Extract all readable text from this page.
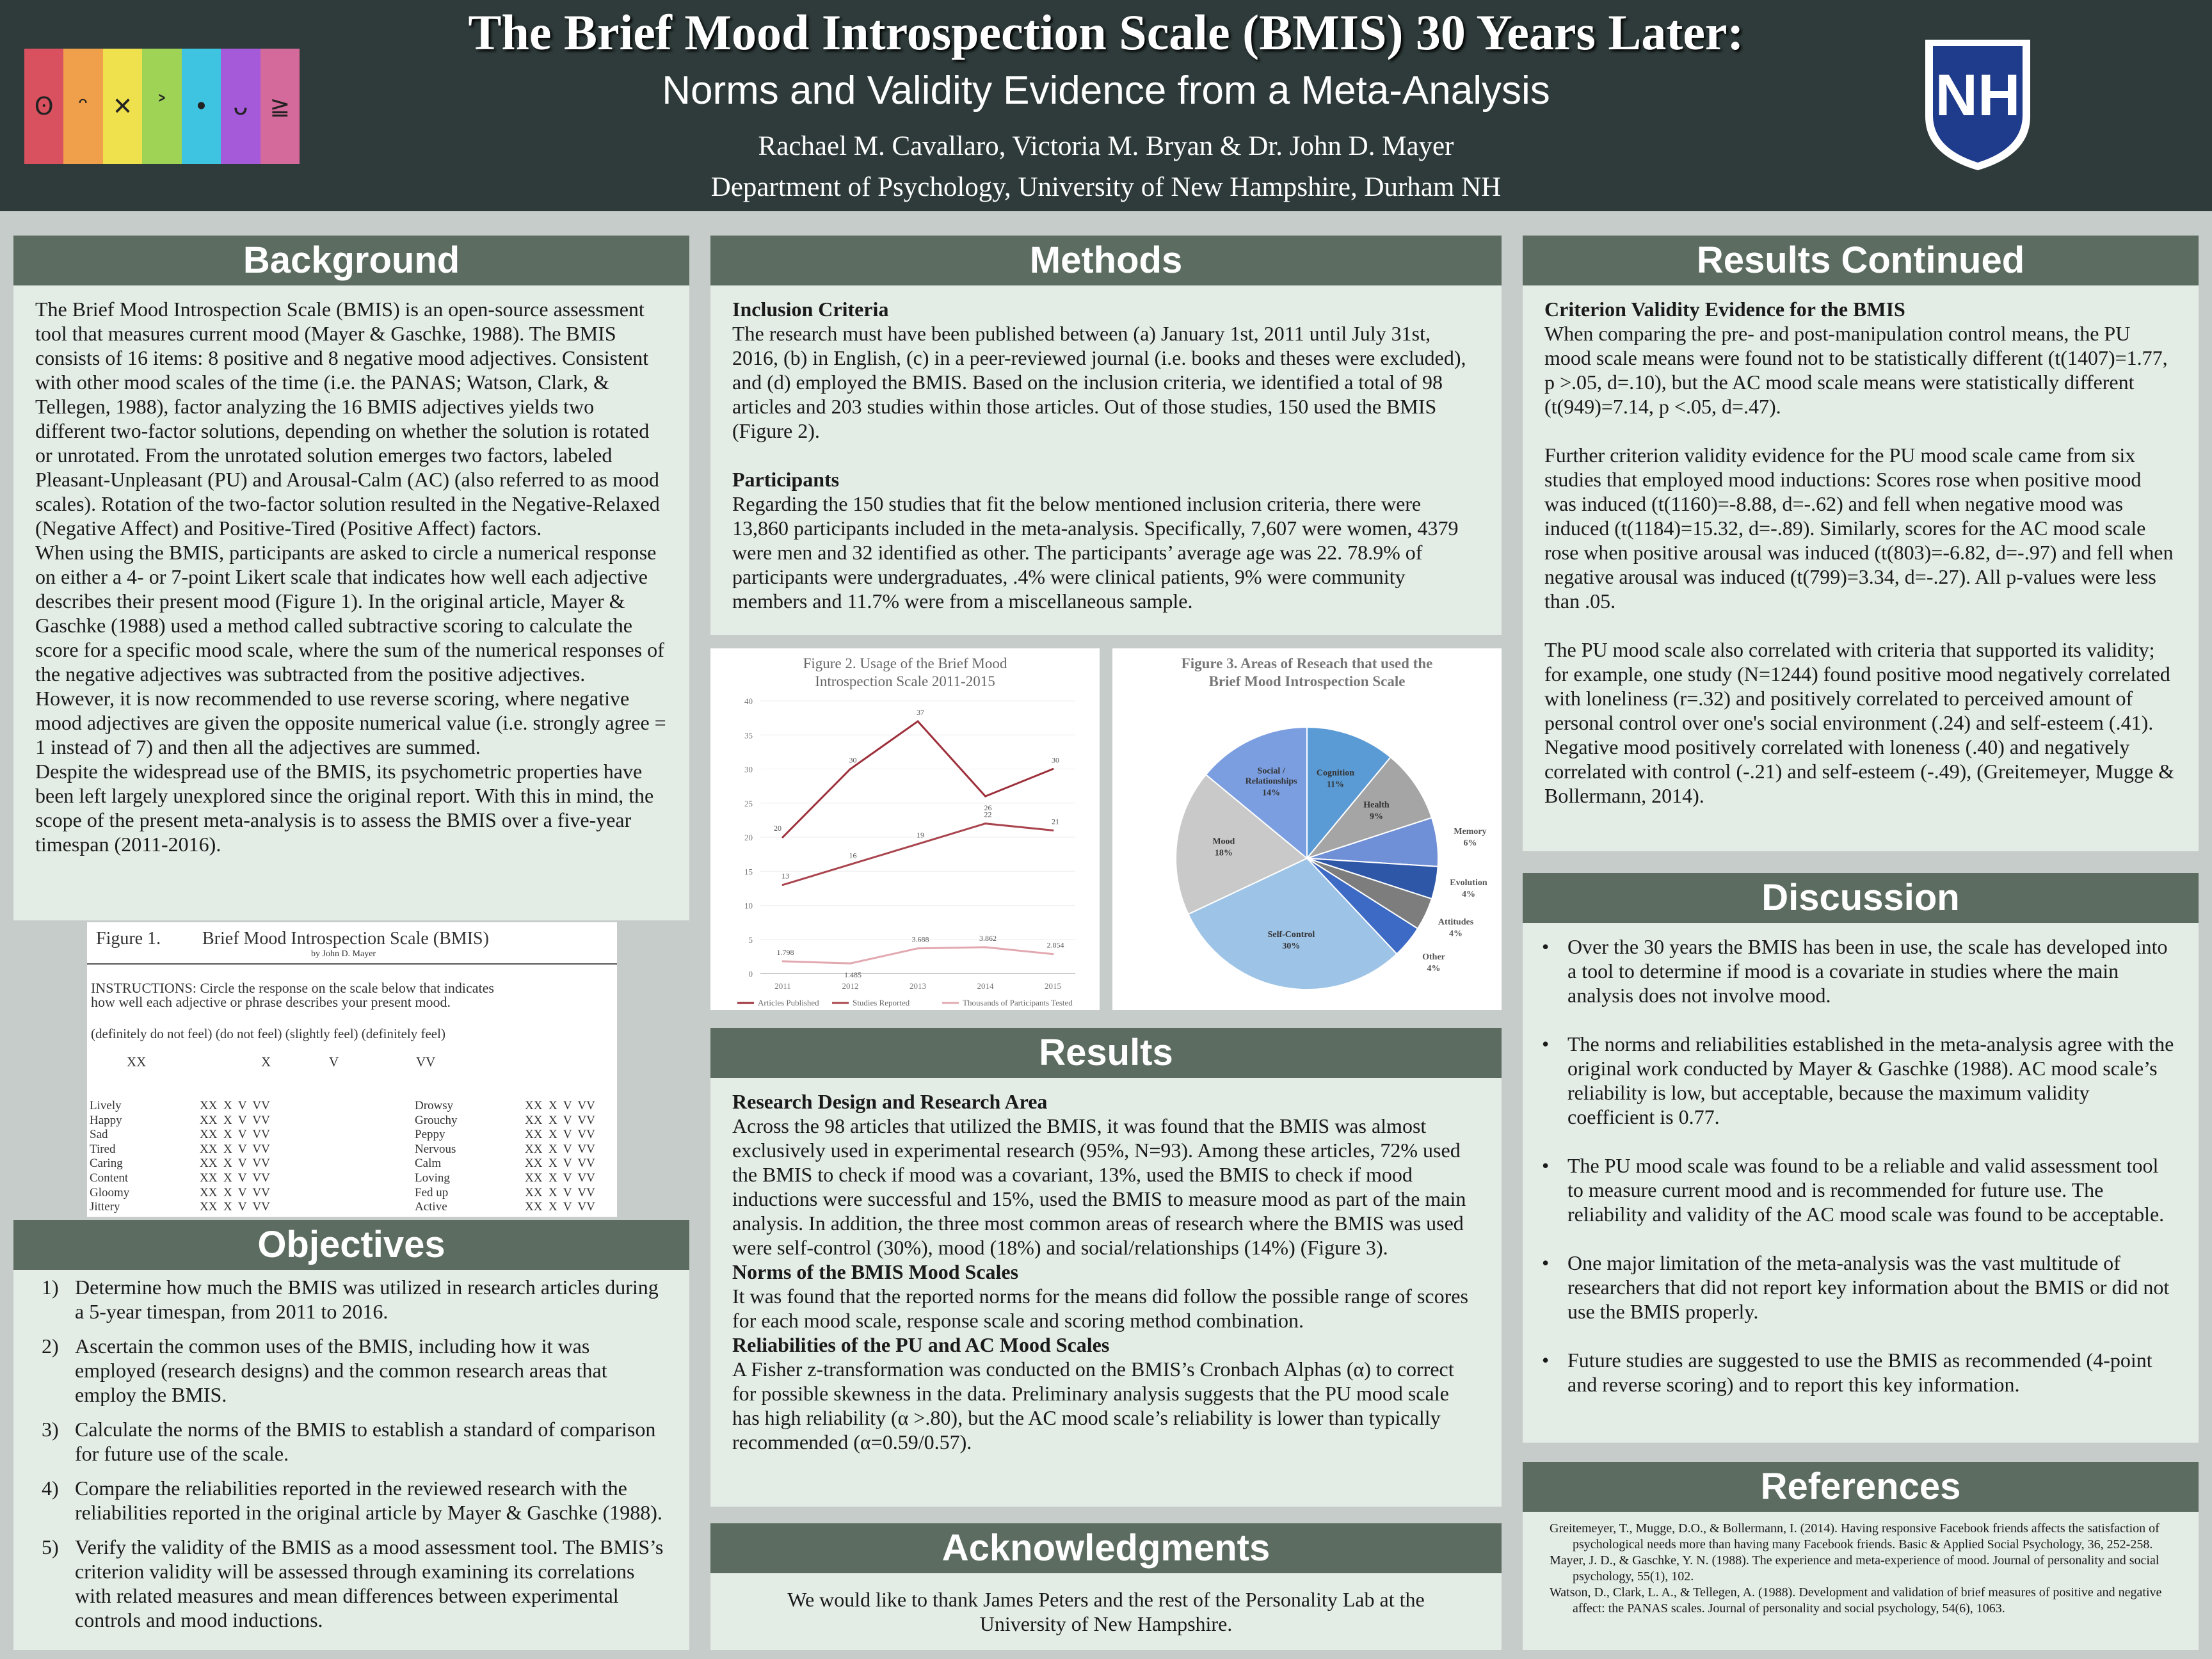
ʘ	ᵔ ✕ ˃	•	ᴗ ≧
The Brief Mood Introspection Scale (BMIS) 30 Years Later:
Norms and Validity Evidence from a Meta-Analysis
Rachael M. Cavallaro, Victoria M. Bryan & Dr. John D. Mayer
Department of Psychology, University of New Hampshire, Durham NH
NH
Background

The Brief Mood Introspection Scale (BMIS) is an open-source assessment tool that measures current mood (Mayer & Gaschke, 1988). The BMIS consists of 16 items: 8 positive and 8 negative mood adjectives. Consistent with other mood scales of the time (i.e. the PANAS; Watson, Clark, & Tellegen, 1988), factor analyzing the 16 BMIS adjectives yields two different two-factor solutions, depending on whether the solution is rotated or unrotated. From the unrotated solution emerges two factors, labeled Pleasant-Unpleasant (PU) and Arousal-Calm (AC) (also referred to as mood scales). Rotation of the two-factor solution resulted in the Negative-Relaxed (Negative Affect) and Positive-Tired (Positive Affect) factors.

When using the BMIS, participants are asked to circle a numerical response on either a 4- or 7-point Likert scale that indicates how well each adjective describes their present mood (Figure 1). In the original article, Mayer & Gaschke (1988) used a method called subtractive scoring to calculate the score for a specific mood scale, where the sum of the numerical responses of the negative adjectives was subtracted from the positive adjectives. However, it is now recommended to use reverse scoring, where negative mood adjectives are given the opposite numerical value (i.e. strongly agree = 1 instead of 7) and then all the adjectives are summed.

Despite the widespread use of the BMIS, its psychometric properties have been left largely unexplored since the original report. With this in mind, the scope of the present meta-analysis is to assess the BMIS over a five-year timespan (2011-2016).

Figure 1. Brief Mood Introspection Scale (BMIS)
by John D. Mayer
INSTRUCTIONS: Circle the response on the scale below that indicates how well each adjective or phrase describes your present mood.
(definitely do not feel) (do not feel) (slightly feel) (definitely feel)
XX	X	V	VV
Lively	XX  X  V  VV
Happy	XX  X  V  VV
Sad	XX  X  V  VV
Tired	XX  X  V  VV
Caring	XX  X  V  VV
Content	XX  X  V  VV
Gloomy	XX  X  V  VV
Jittery	XX  X  V  VV
Drowsy	XX  X  V  VV
Grouchy	XX  X  V  VV
Peppy	XX  X  V  VV
Nervous	XX  X  V  VV
Calm	XX  X  V  VV
Loving	XX  X  V  VV
Fed up	XX  X  V  VV
Active	XX  X  V  VV
Objectives
1) Determine how much the BMIS was utilized in research articles during a 5-year timespan, from 2011 to 2016.
2) Ascertain the common uses of the BMIS, including how it was employed (research designs) and the common research areas that employ the BMIS.
3) Calculate the norms of the BMIS to establish a standard of comparison for future use of the scale.
4) Compare the reliabilities reported in the reviewed research with the reliabilities reported in the original article by Mayer & Gaschke (1988).
5) Verify the validity of the BMIS as a mood assessment tool. The BMIS’s criterion validity will be assessed through examining its correlations with related measures and mean differences between experimental controls and mood inductions.
Methods

Inclusion Criteria

The research must have been published between (a) January 1st, 2011 until July 31st, 2016, (b) in English, (c) in a peer-reviewed journal (i.e. books and theses were excluded), and (d) employed the BMIS. Based on the inclusion criteria, we identified a total of 98 articles and 203 studies within those articles. Out of those studies, 150 used the BMIS (Figure 2).

Participants

Regarding the 150 studies that fit the below mentioned inclusion criteria, there were 13,860 participants included in the meta-analysis. Specifically, 7,607 were women, 4379 were men and 32 identified as other. The participants’ average age was 22. 78.9% of participants were undergraduates, .4% were clinical patients, 9% were community members and 11.7% were from a miscellaneous sample.

Figure 2. Usage of the Brief Mood Introspection Scale 2011-2015
0
5
10
15
20
25
30
35
40
2011	2012	2013	2014	2015
20
30
37
26
30
13
16
19
22
21
1.798
1.485
3.688	3.862
2.854
Articles Published	Studies Reported	Thousands of Participants Tested
Figure 3. Areas of Reseach that used the Brief Mood Introspection Scale
Cognition
11%
Health
9%
Memory
6%
Evolution
4%
Attitudes
4%
Other
4%
Self-Control
30%
Mood
18%
Social /
Relationships
14%
Results

Research Design and Research Area

Across the 98 articles that utilized the BMIS, it was found that the BMIS was almost exclusively used in experimental research (95%, N=93). Among these articles, 72% used the BMIS to check if mood was a covariant, 13%, used the BMIS to check if mood inductions were successful and 15%, used the BMIS to measure mood as part of the main analysis. In addition, the three most common areas of research where the BMIS was used were self-control (30%), mood (18%) and social/relationships (14%) (Figure 3).

Norms of the BMIS Mood Scales

It was found that the reported norms for the means did follow the possible range of scores for each mood scale, response scale and scoring method combination.

Reliabilities of the PU and AC Mood Scales

A Fisher z-transformation was conducted on the BMIS’s Cronbach Alphas (α) to correct for possible skewness in the data. Preliminary analysis suggests that the PU mood scale has high reliability (α >.80), but the AC mood scale’s reliability is lower than typically recommended (α=0.59/0.57).

Acknowledgments
We would like to thank James Peters and the rest of the Personality Lab at the University of New Hampshire.
Results Continued

Criterion Validity Evidence for the BMIS

When comparing the pre- and post-manipulation control means, the PU mood scale means were found not to be statistically different (t(1407)=1.77, p >.05, d=.10), but the AC mood scale means were statistically different (t(949)=7.14, p <.05, d=.47).

Further criterion validity evidence for the PU mood scale came from six studies that employed mood inductions: Scores rose when positive mood was induced (t(1160)=-8.88, d=-.62) and fell when negative mood was induced (t(1184)=15.32, d=-.89). Similarly, scores for the AC mood scale rose when positive arousal was induced (t(803)=-6.82, d=-.97) and fell when negative arousal was induced (t(799)=3.34, d=-.27). All p-values were less than .05.

The PU mood scale also correlated with criteria that supported its validity; for example, one study (N=1244) found positive mood negatively correlated with loneliness (r=.32) and positively correlated to perceived amount of personal control over one's social environment (.24) and self-esteem (.41). Negative mood positively correlated with loneness (.40) and negatively correlated with control (-.21) and self-esteem (-.49), (Greitemeyer, Mugge & Bollermann, 2014).

Discussion
• Over the 30 years the BMIS has been in use, the scale has developed into a tool to determine if mood is a covariate in studies where the main analysis does not involve mood.
• The norms and reliabilities established in the meta-analysis agree with the original work conducted by Mayer & Gaschke (1988). AC mood scale’s reliability is low, but acceptable, because the maximum validity coefficient is 0.77.
• The PU mood scale was found to be a reliable and valid assessment tool to measure current mood and is recommended for future use. The reliability and validity of the AC mood scale was found to be acceptable.
• One major limitation of the meta-analysis was the vast multitude of researchers that did not report key information about the BMIS or did not use the BMIS properly.
• Future studies are suggested to use the BMIS as recommended (4-point and reverse scoring) and to report this key information.
References
Greitemeyer, T., Mugge, D.O., & Bollermann, I. (2014). Having responsive Facebook friends affects the satisfaction of psychological needs more than having many Facebook friends. Basic & Applied Social Psychology, 36, 252-258.
Mayer, J. D., & Gaschke, Y. N. (1988). The experience and meta-experience of mood. Journal of personality and social psychology, 55(1), 102.
Watson, D., Clark, L. A., & Tellegen, A. (1988). Development and validation of brief measures of positive and negative affect: the PANAS scales. Journal of personality and social psychology, 54(6), 1063.
